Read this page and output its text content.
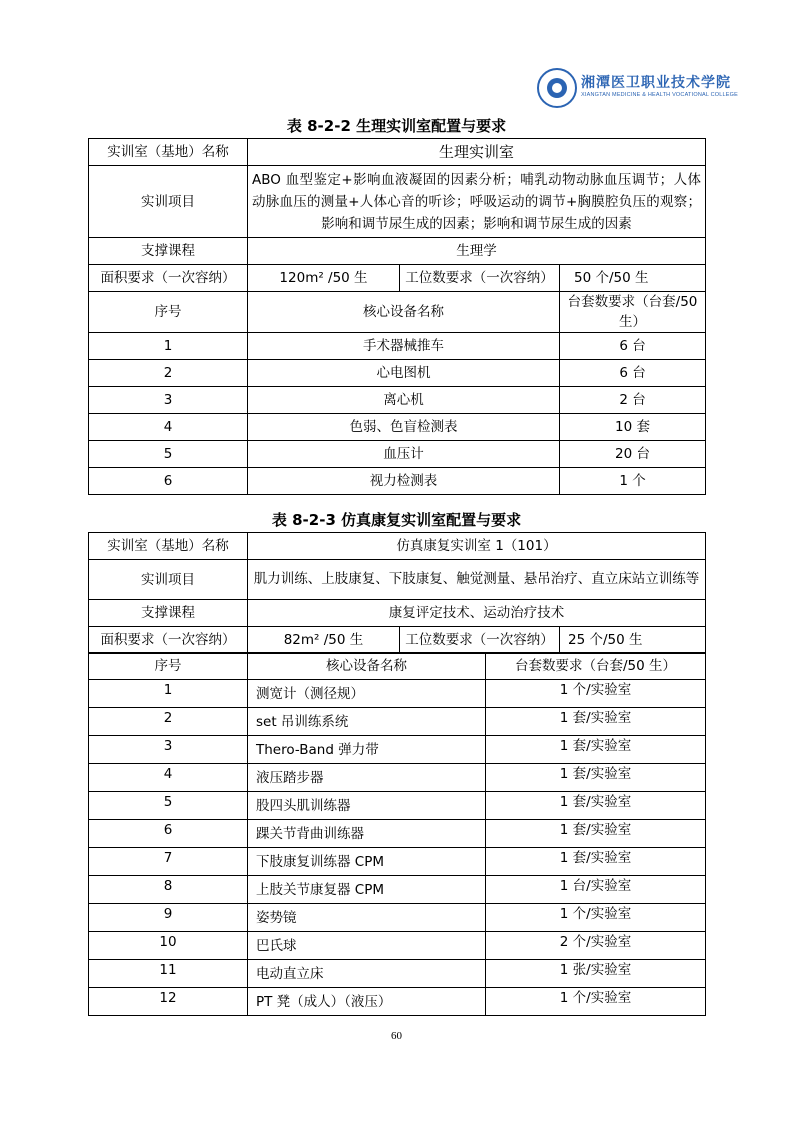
湘潭医卫职业技术学院
XIANGTAN MEDICINE & HEALTH VOCATIONAL COLLEGE
表 8-2-2 生理实训室配置与要求
实训室（基地）名称	生理实训室		
实训项目	ABO 血型鉴定+影响血液凝固的因素分析；哺乳动物动脉血压调节；人体动脉血压的测量+人体心音的听诊；呼吸运动的调节+胸膜腔负压的观察；影响和调节尿生成的因素；影响和调节尿生成的因素		
支撑课程	生理学		
面积要求（一次容纳）	120m² /50 生	工位数要求（一次容纳）	50 个/50 生
序号	核心设备名称		台套数要求（台套/50 生）
1	手术器械推车		6 台
2	心电图机		6 台
3	离心机		2 台
4	色弱、色盲检测表		10 套
5	血压计		20 台
6	视力检测表		1 个
表 8-2-3 仿真康复实训室配置与要求
实训室（基地）名称	仿真康复实训室 1（101）		
实训项目	肌力训练、上肢康复、下肢康复、触觉测量、悬吊治疗、直立床站立训练等		
支撑课程	康复评定技术、运动治疗技术		
面积要求（一次容纳）	82m² /50 生	工位数要求（一次容纳）	25 个/50 生
序号	核心设备名称	台套数要求（台套/50 生）
1	测宽计（测径规）	1 个/实验室
2	set 吊训练系统	1 套/实验室
3	Thero-Band 弹力带	1 套/实验室
4	液压踏步器	1 套/实验室
5	股四头肌训练器	1 套/实验室
6	踝关节背曲训练器	1 套/实验室
7	下肢康复训练器 CPM	1 套/实验室
8	上肢关节康复器 CPM	1 台/实验室
9	姿势镜	1 个/实验室
10	巴氏球	2 个/实验室
11	电动直立床	1 张/实验室
12	PT 凳（成人）（液压）	1 个/实验室
60
